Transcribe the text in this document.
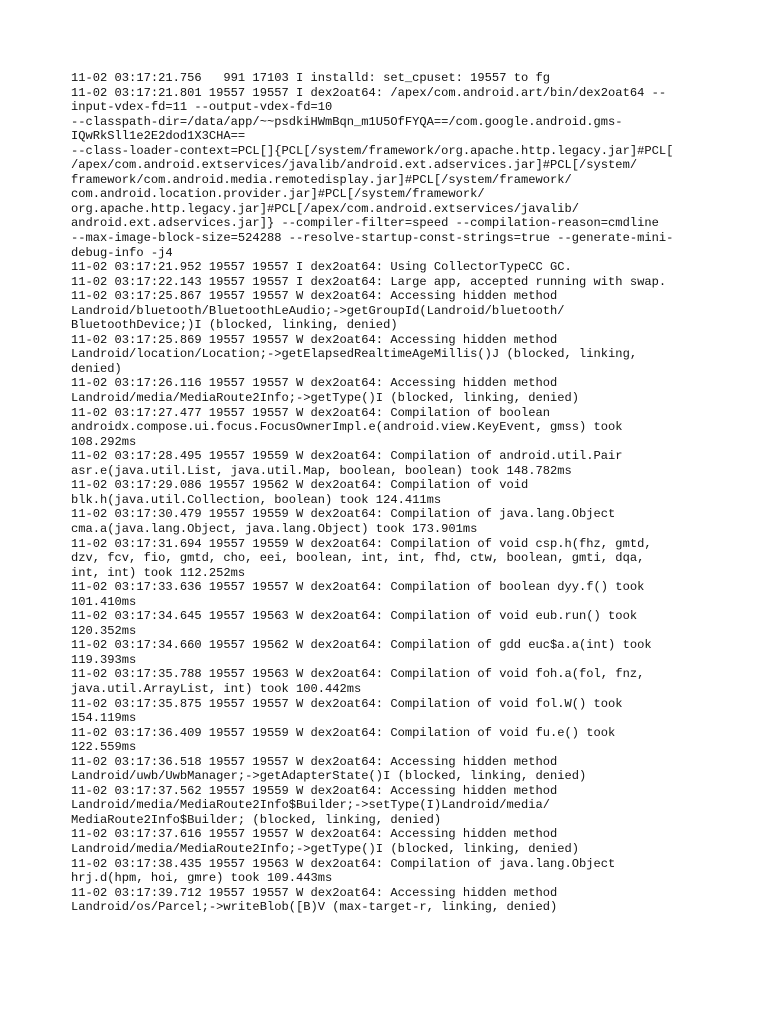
11-02 03:17:21.756   991 17103 I installd: set_cpuset: 19557 to fg
11-02 03:17:21.801 19557 19557 I dex2oat64: /apex/com.android.art/bin/dex2oat64 --
input-vdex-fd=11 --output-vdex-fd=10
--classpath-dir=/data/app/~~psdkiHWmBqn_m1U5OfFYQA==/com.google.android.gms-
IQwRkSll1e2E2dod1X3CHA==
--class-loader-context=PCL[]{PCL[/system/framework/org.apache.http.legacy.jar]#PCL[
/apex/com.android.extservices/javalib/android.ext.adservices.jar]#PCL[/system/
framework/com.android.media.remotedisplay.jar]#PCL[/system/framework/
com.android.location.provider.jar]#PCL[/system/framework/
org.apache.http.legacy.jar]#PCL[/apex/com.android.extservices/javalib/
android.ext.adservices.jar]} --compiler-filter=speed --compilation-reason=cmdline
--max-image-block-size=524288 --resolve-startup-const-strings=true --generate-mini-
debug-info -j4
11-02 03:17:21.952 19557 19557 I dex2oat64: Using CollectorTypeCC GC.
11-02 03:17:22.143 19557 19557 I dex2oat64: Large app, accepted running with swap.
11-02 03:17:25.867 19557 19557 W dex2oat64: Accessing hidden method
Landroid/bluetooth/BluetoothLeAudio;->getGroupId(Landroid/bluetooth/
BluetoothDevice;)I (blocked, linking, denied)
11-02 03:17:25.869 19557 19557 W dex2oat64: Accessing hidden method
Landroid/location/Location;->getElapsedRealtimeAgeMillis()J (blocked, linking,
denied)
11-02 03:17:26.116 19557 19557 W dex2oat64: Accessing hidden method
Landroid/media/MediaRoute2Info;->getType()I (blocked, linking, denied)
11-02 03:17:27.477 19557 19557 W dex2oat64: Compilation of boolean
androidx.compose.ui.focus.FocusOwnerImpl.e(android.view.KeyEvent, gmss) took
108.292ms
11-02 03:17:28.495 19557 19559 W dex2oat64: Compilation of android.util.Pair
asr.e(java.util.List, java.util.Map, boolean, boolean) took 148.782ms
11-02 03:17:29.086 19557 19562 W dex2oat64: Compilation of void
blk.h(java.util.Collection, boolean) took 124.411ms
11-02 03:17:30.479 19557 19559 W dex2oat64: Compilation of java.lang.Object
cma.a(java.lang.Object, java.lang.Object) took 173.901ms
11-02 03:17:31.694 19557 19559 W dex2oat64: Compilation of void csp.h(fhz, gmtd,
dzv, fcv, fio, gmtd, cho, eei, boolean, int, int, fhd, ctw, boolean, gmti, dqa,
int, int) took 112.252ms
11-02 03:17:33.636 19557 19557 W dex2oat64: Compilation of boolean dyy.f() took
101.410ms
11-02 03:17:34.645 19557 19563 W dex2oat64: Compilation of void eub.run() took
120.352ms
11-02 03:17:34.660 19557 19562 W dex2oat64: Compilation of gdd euc$a.a(int) took
119.393ms
11-02 03:17:35.788 19557 19563 W dex2oat64: Compilation of void foh.a(fol, fnz,
java.util.ArrayList, int) took 100.442ms
11-02 03:17:35.875 19557 19557 W dex2oat64: Compilation of void fol.W() took
154.119ms
11-02 03:17:36.409 19557 19559 W dex2oat64: Compilation of void fu.e() took
122.559ms
11-02 03:17:36.518 19557 19557 W dex2oat64: Accessing hidden method
Landroid/uwb/UwbManager;->getAdapterState()I (blocked, linking, denied)
11-02 03:17:37.562 19557 19559 W dex2oat64: Accessing hidden method
Landroid/media/MediaRoute2Info$Builder;->setType(I)Landroid/media/
MediaRoute2Info$Builder; (blocked, linking, denied)
11-02 03:17:37.616 19557 19557 W dex2oat64: Accessing hidden method
Landroid/media/MediaRoute2Info;->getType()I (blocked, linking, denied)
11-02 03:17:38.435 19557 19563 W dex2oat64: Compilation of java.lang.Object
hrj.d(hpm, hoi, gmre) took 109.443ms
11-02 03:17:39.712 19557 19557 W dex2oat64: Accessing hidden method
Landroid/os/Parcel;->writeBlob([B)V (max-target-r, linking, denied)
